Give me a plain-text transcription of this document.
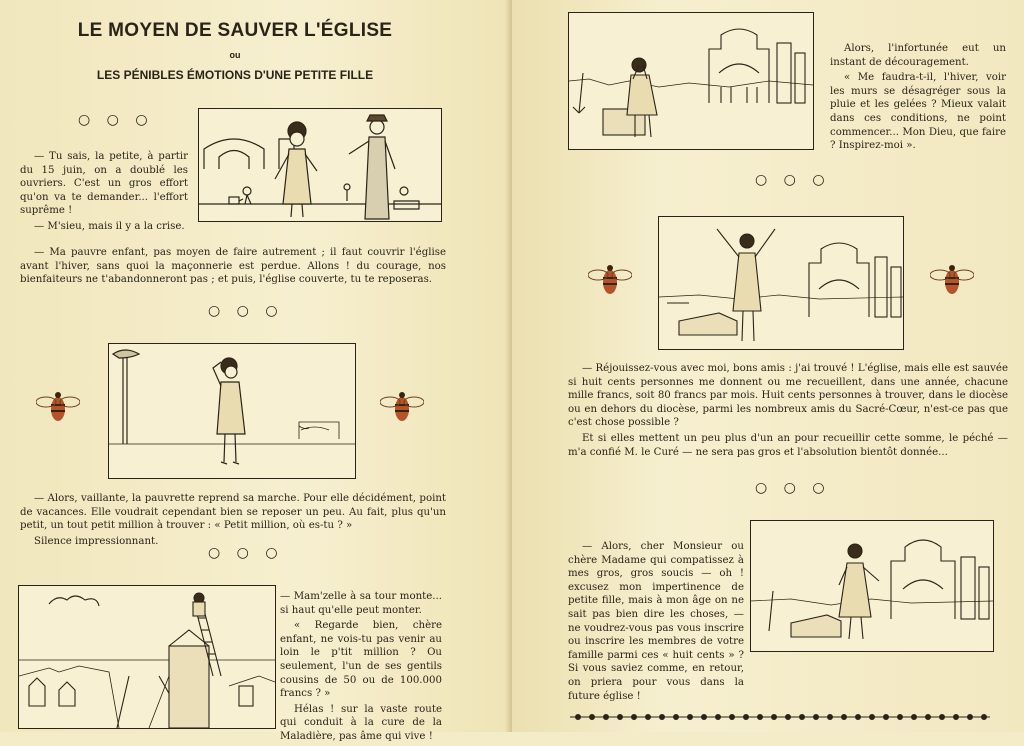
LE MOYEN DE SAUVER L'ÉGLISE
ou
LES PÉNIBLES ÉMOTIONS D'UNE PETITE FILLE
○ ○ ○

— Tu sais, la petite, à partir du 15 juin, on a doublé les ouvriers. C'est un gros effort qu'on va te demander... l'effort suprême !

— M'sieu, mais il y a la crise.

— Ma pauvre enfant, pas moyen de faire autrement ; il faut couvrir l'église avant l'hiver, sans quoi la maçonnerie est perdue. Allons ! du courage, nos bienfaiteurs ne t'abandonneront pas ; et puis, l'église couverte, tu te reposeras.

○ ○ ○

— Alors, vaillante, la pauvrette reprend sa marche. Pour elle décidément, point de vacances. Elle voudrait cependant bien se reposer un peu. Au fait, plus qu'un petit, un tout petit million à trouver : « Petit million, où es-tu ? »

Silence impressionnant.

○ ○ ○

— Mam'zelle à sa tour monte... si haut qu'elle peut monter.

« Regarde bien, chère enfant, ne vois-tu pas venir au loin le p'tit million ? Ou seulement, l'un de ses gentils cousins de 50 ou de 100.000 francs ? »

Hélas ! sur la vaste route qui conduit à la cure de la Maladière, pas âme qui vive !

Alors, l'infortunée eut un instant de découragement.

« Me faudra-t-il, l'hiver, voir les murs se désagréger sous la pluie et les gelées ? Mieux valait dans ces conditions, ne point commencer... Mon Dieu, que faire ? Inspirez-moi ».

○ ○ ○

— Réjouissez-vous avec moi, bons amis : j'ai trouvé ! L'église, mais elle est sauvée si huit cents personnes me donnent ou me recueillent, dans une année, chacune mille francs, soit 80 francs par mois. Huit cents personnes à trouver, dans le diocèse ou en dehors du diocèse, parmi les nombreux amis du Sacré-Cœur, n'est-ce pas que c'est chose possible ?

Et si elles mettent un peu plus d'un an pour recueillir cette somme, le péché — m'a confié M. le Curé — ne sera pas gros et l'absolution bientôt donnée...

○ ○ ○

— Alors, cher Monsieur ou chère Madame qui compatissez à mes gros, gros soucis — oh ! excusez mon impertinence de petite fille, mais à mon âge on ne sait pas bien dire les choses, — ne voudrez-vous pas vous inscrire ou inscrire les membres de votre famille parmi ces « huit cents » ? Si vous saviez comme, en retour, on priera pour vous dans la future église !
